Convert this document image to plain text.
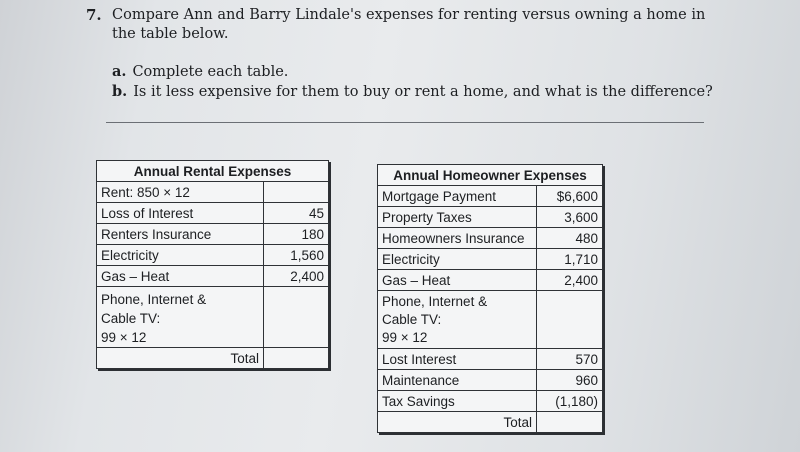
7. Compare Ann and Barry Lindale's expenses for renting versus owning a home in
the table below.
a. Complete each table.
b. Is it less expensive for them to buy or rent a home, and what is the difference?
Annual Rental Expenses	
Rent: 850 × 12	
Loss of Interest	45
Renters Insurance	180
Electricity	1,560
Gas – Heat	2,400

Phone, Internet &
Cable TV:
99 × 12	

Total	
Annual Homeowner Expenses	
Mortgage Payment	$6,600
Property Taxes	3,600
Homeowners Insurance	480
Electricity	1,710
Gas – Heat	2,400

Phone, Internet &
Cable TV:
99 × 12	

Lost Interest	570
Maintenance	960
Tax Savings	(1,180)
Total	
